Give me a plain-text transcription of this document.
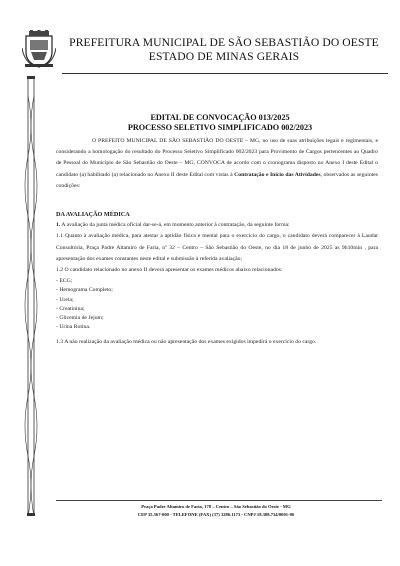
PREFEITURA MUNICIPAL DE SÃO SEBASTIÃO DO OESTE
ESTADO DE MINAS GERAIS
EDITAL DE CONVOCAÇÃO 013/2025
PROCESSO SELETIVO SIMPLIFICADO 002/2023

O PREFEITO MUNICIPAL DE SÃO SEBASTIÃO DO OESTE – MG, no uso de suas atribuições legais e regimentais, e considerando a homologação do resultado do Processo Seletivo Simplificado 002/2023 para Provimento de Cargos pertencentes ao Quadro de Pessoal do Município de São Sebastião do Oeste – MG, CONVOCA de acordo com o cronograma disposto no Anexo I deste Edital o candidato (a) habilitado (a) relacionado no Anexo II deste Edital com vistas à Contratação e Início das Atividades, observados as seguintes condições:

DA AVALIAÇÃO MÉDICA

1. A avaliação da junta médica oficial dar-se-á, em momento anterior à contratação, da seguinte forma:

1.1 Quanto à avaliação médica, para atestar a aptidão física e mental para o exercício do cargo, o candidato deverá comparecer à Laudar Consultoria, Praça Padre Altamiro de Faria, nº 32 – Centro – São Sebastião do Oeste, no dia 18 de junho de 2025 as 9h10min , para apresentação dos exames constantes neste edital e submissão à referida avaliação;

1.2 O candidato relacionado no anexo II deverá apresentar os exames médicos abaixo relacionados:

- ECG;
- Hemograma Completo;
- Ureia;
- Creatinina;
- Glicemia de Jejum;
- Urina Rotina.

1.3 A não realização da avaliação médica ou não apresentação dos exames exigidos impedirá o exercício do cargo.

Praça Padre Altamiro de Faria, 178 – Centro – São Sebastião do Oeste - MG
CEP 35.567-000 - TELEFONE (FAX) (37) 3286.1173 - CNPJ 18.308.734/0001-06
